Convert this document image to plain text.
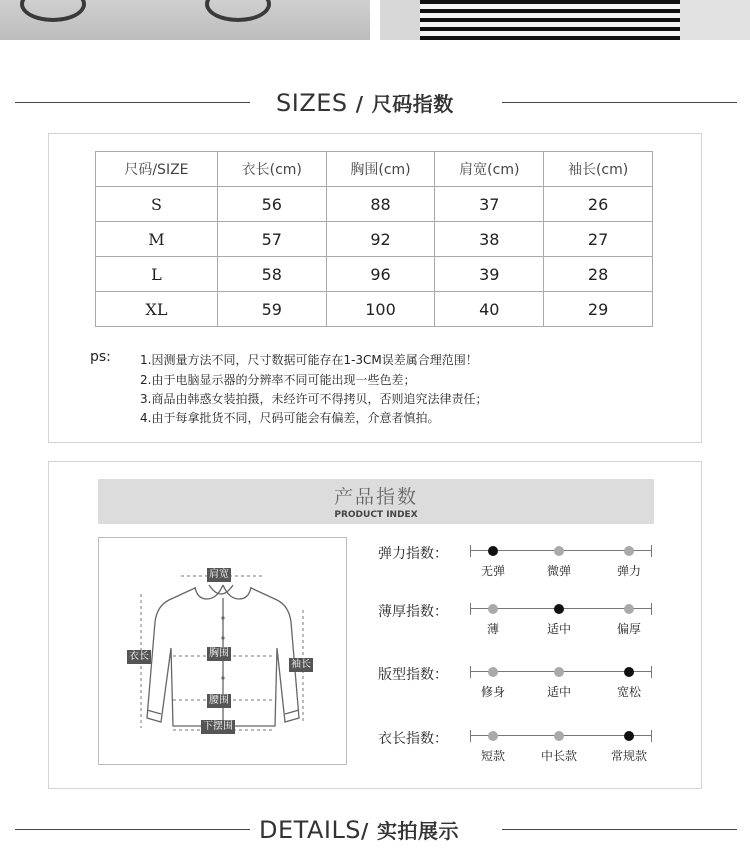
SIZES / 尺码指数
尺码/SIZE	衣长(cm)	胸围(cm)	肩宽(cm)	袖长(cm)
S	56	88	37	26
M	57	92	38	27
L	58	96	39	28
XL	59	100	40	29
ps: 1.因测量方法不同，尺寸数据可能存在1-3CM误差属合理范围！
2.由于电脑显示器的分辨率不同可能出现一些色差；
3.商品由韩惑女装拍摄，未经许可不得拷贝，否则追究法律责任；
4.由于每拿批货不同，尺码可能会有偏差，介意者慎拍。
产品指数
PRODUCT INDEX
肩宽
衣长	胸围
袖长
腰围
下摆围
弹力指数：
无弹	微弹	弹力
薄厚指数：
薄	适中	偏厚
版型指数：
修身	适中	宽松
衣长指数：
短款	中长款	常规款
DETAILS/ 实拍展示
